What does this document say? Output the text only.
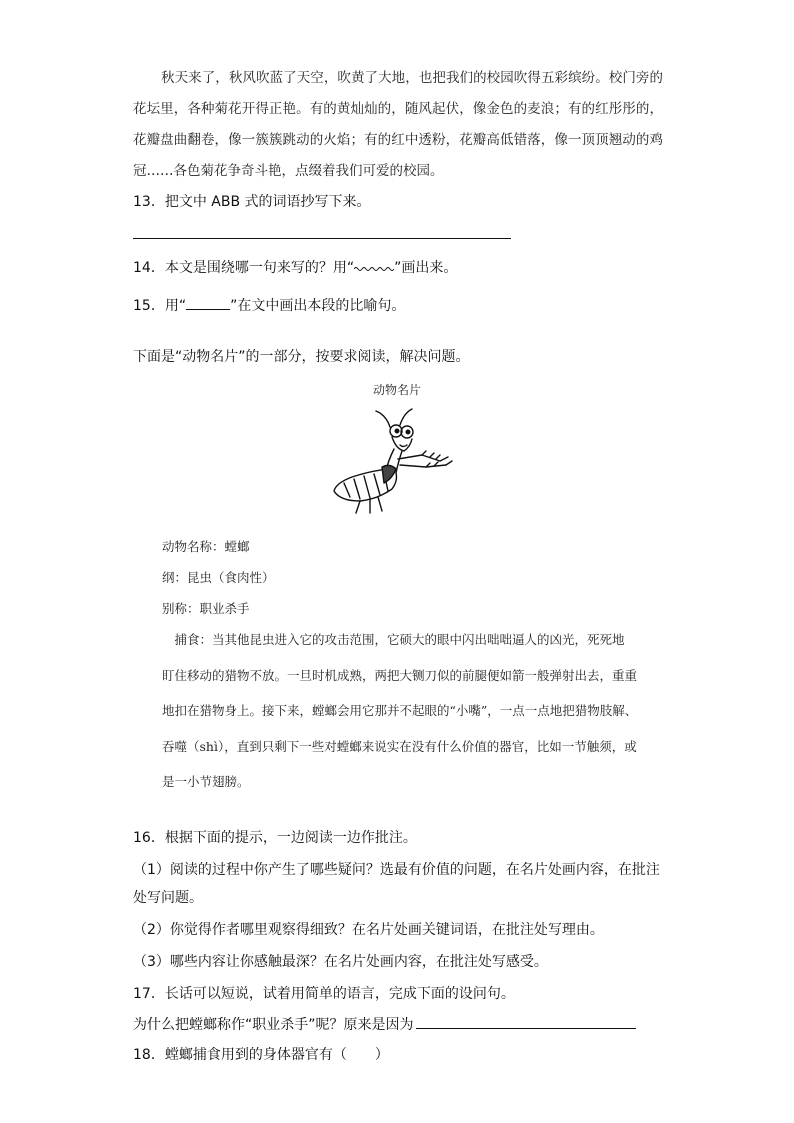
秋天来了，秋风吹蓝了天空，吹黄了大地，也把我们的校园吹得五彩缤纷。校门旁的花坛里，各种菊花开得正艳。有的黄灿灿的，随风起伏，像金色的麦浪；有的红彤彤的，花瓣盘曲翻卷，像一簇簇跳动的火焰；有的红中透粉，花瓣高低错落，像一顶顶翘动的鸡冠……各色菊花争奇斗艳，点缀着我们可爱的校园。

13．把文中 ABB 式的词语抄写下来。
14．本文是围绕哪一句来写的？用“	”画出来。
15．用“	”在文中画出本段的比喻句。
下面是“动物名片”的一部分，按要求阅读，解决问题。
动物名片
动物名称：螳螂
纲：昆虫（食肉性）
别称：职业杀手

　捕食：当其他昆虫进入它的攻击范围，它硕大的眼中闪出咄咄逼人的凶光，死死地

盯住移动的猎物不放。一旦时机成熟，两把大铡刀似的前腿便如箭一般弹射出去，重重

地扣在猎物身上。接下来，螳螂会用它那并不起眼的“小嘴”，一点一点地把猎物肢解、

吞噬（shì），直到只剩下一些对螳螂来说实在没有什么价值的器官，比如一节触须，或

是一小节翅膀。

16．根据下面的提示，一边阅读一边作批注。
（1）阅读的过程中你产生了哪些疑问？选最有价值的问题，在名片处画内容，在批注
处写问题。
（2）你觉得作者哪里观察得细致？在名片处画关键词语，在批注处写理由。
（3）哪些内容让你感触最深？在名片处画内容，在批注处写感受。
17．长话可以短说，试着用简单的语言，完成下面的设问句。
为什么把螳螂称作“职业杀手”呢？原来是因为
18．螳螂捕食用到的身体器官有（　　）
